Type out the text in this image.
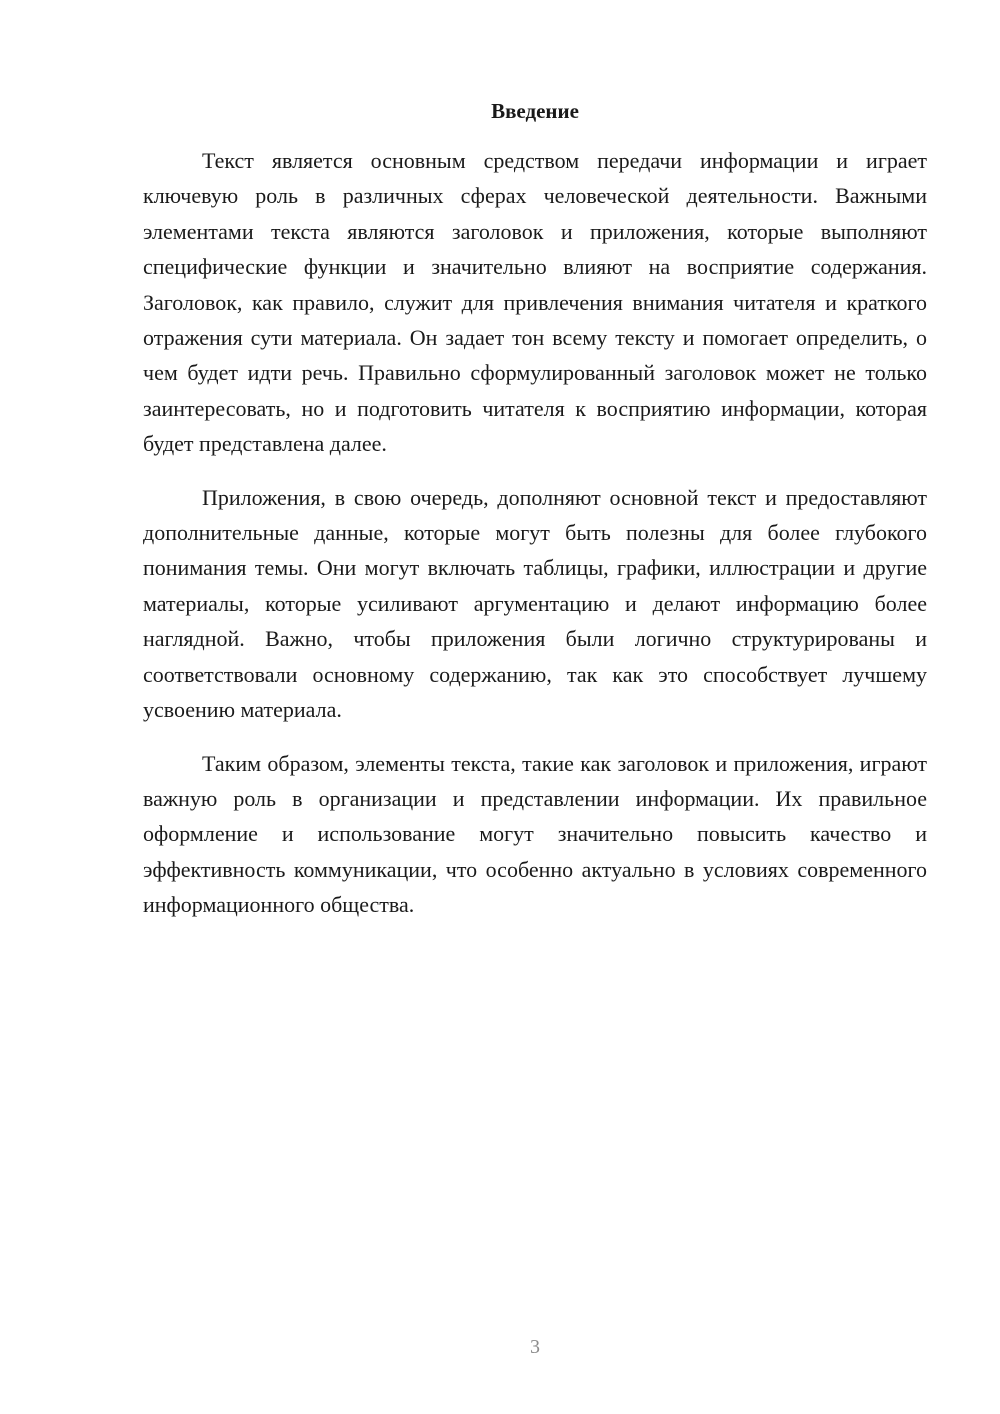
Введение

Текст является основным средством передачи информации и играет ключевую роль в различных сферах человеческой деятельности. Важными элементами текста являются заголовок и приложения, которые выполняют специфические функции и значительно влияют на восприятие содержания. Заголовок, как правило, служит для привлечения внимания читателя и краткого отражения сути материала. Он задает тон всему тексту и помогает определить, о чем будет идти речь. Правильно сформулированный заголовок может не только заинтересовать, но и подготовить читателя к восприятию информации, которая будет представлена далее.

Приложения, в свою очередь, дополняют основной текст и предоставляют дополнительные данные, которые могут быть полезны для более глубокого понимания темы. Они могут включать таблицы, графики, иллюстрации и другие материалы, которые усиливают аргументацию и делают информацию более наглядной. Важно, чтобы приложения были логично структурированы и соответствовали основному содержанию, так как это способствует лучшему усвоению материала.

Таким образом, элементы текста, такие как заголовок и приложения, играют важную роль в организации и представлении информации. Их правильное оформление и использование могут значительно повысить качество и эффективность коммуникации, что особенно актуально в условиях современного информационного общества.

3
